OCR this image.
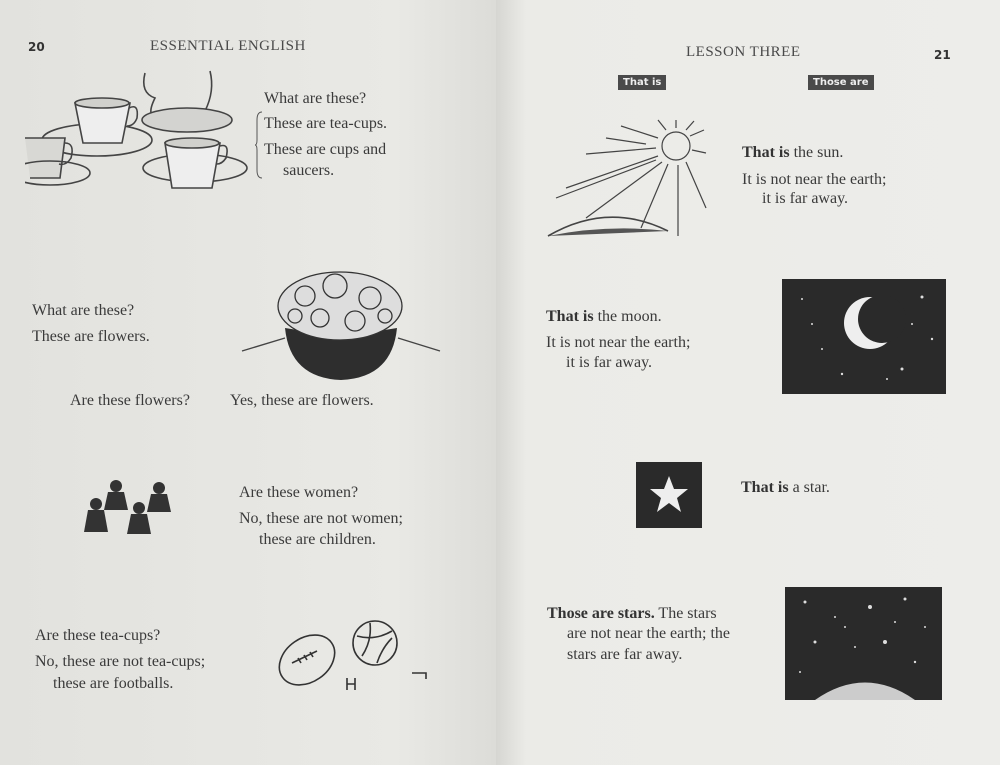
20	ESSENTIAL ENGLISH
What are these?
These are tea-cups.
These are cups and
saucers.
What are these?
These are flowers.
Are these flowers?	Yes, these are flowers.
Are these women?
No, these are not women;
these are children.
Are these tea-cups?
No, these are not tea-cups;
these are footballs.
LESSON THREE	21
That is	Those are
That is the sun.
It is not near the earth;
it is far away.
That is the moon.
It is not near the earth;
it is far away.
That is a star.
Those are stars. The stars
are not near the earth; the
stars are far away.
